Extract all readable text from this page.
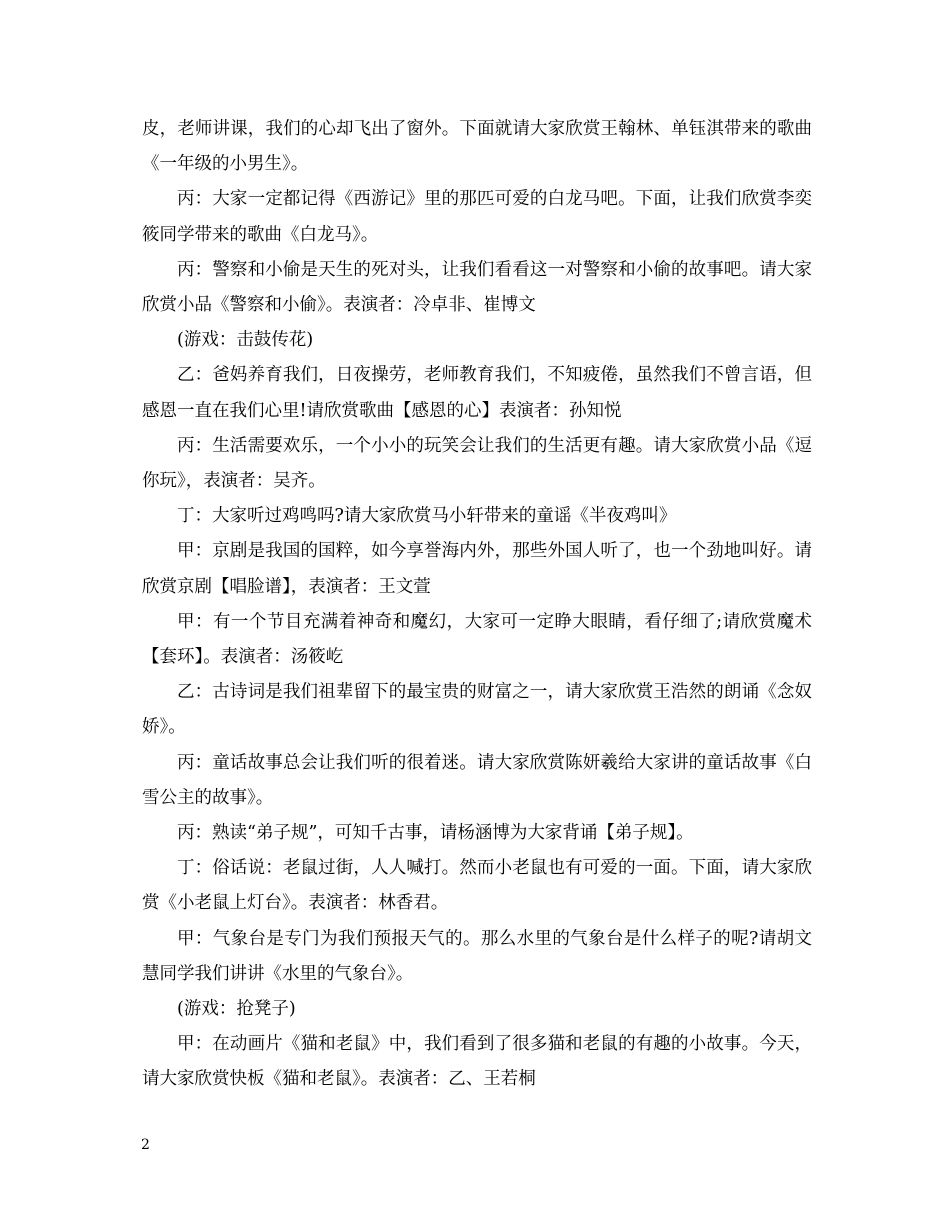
皮，老师讲课，我们的心却飞出了窗外。下面就请大家欣赏王翰林、单钰淇带来的歌曲《一年级的小男生》。

丙：大家一定都记得《西游记》里的那匹可爱的白龙马吧。下面，让我们欣赏李奕筱同学带来的歌曲《白龙马》。

丙：警察和小偷是天生的死对头，让我们看看这一对警察和小偷的故事吧。请大家欣赏小品《警察和小偷》。表演者：冷卓非、崔博文

(游戏：击鼓传花)

乙：爸妈养育我们，日夜操劳，老师教育我们，不知疲倦，虽然我们不曾言语，但感恩一直在我们心里!请欣赏歌曲【感恩的心】表演者：孙知悦

丙：生活需要欢乐，一个小小的玩笑会让我们的生活更有趣。请大家欣赏小品《逗你玩》，表演者：吴齐。

丁：大家听过鸡鸣吗?请大家欣赏马小轩带来的童谣《半夜鸡叫》

甲：京剧是我国的国粹，如今享誉海内外，那些外国人听了，也一个劲地叫好。请欣赏京剧【唱脸谱】，表演者：王文萱

甲：有一个节目充满着神奇和魔幻，大家可一定睁大眼睛，看仔细了;请欣赏魔术【套环】。表演者：汤筱屹

乙：古诗词是我们祖辈留下的最宝贵的财富之一，请大家欣赏王浩然的朗诵《念奴娇》。

丙：童话故事总会让我们听的很着迷。请大家欣赏陈妍羲给大家讲的童话故事《白雪公主的故事》。

丙：熟读“弟子规”，可知千古事，请杨涵博为大家背诵【弟子规】。

丁：俗话说：老鼠过街，人人喊打。然而小老鼠也有可爱的一面。下面，请大家欣赏《小老鼠上灯台》。表演者：林香君。

甲：气象台是专门为我们预报天气的。那么水里的气象台是什么样子的呢?请胡文慧同学我们讲讲《水里的气象台》。

(游戏：抢凳子)

甲：在动画片《猫和老鼠》中，我们看到了很多猫和老鼠的有趣的小故事。今天，请大家欣赏快板《猫和老鼠》。表演者：乙、王若桐

2
